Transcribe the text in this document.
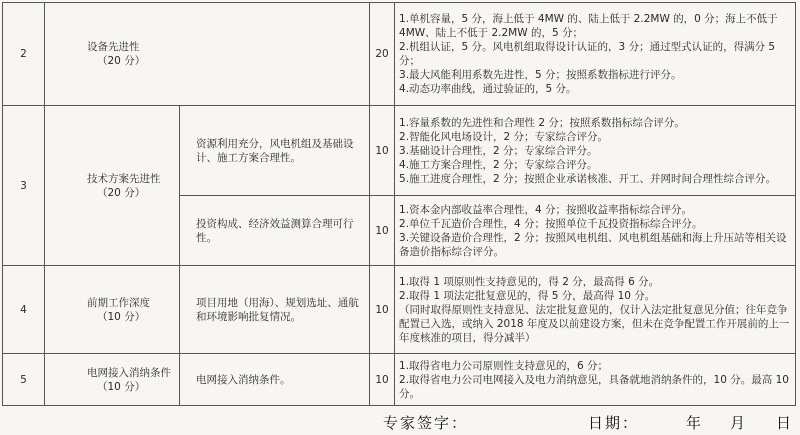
2	设备先进性
（20 分）		20	1.单机容量，5 分，海上低于 4MW 的、陆上低于 2.2MW 的，0 分；海上不低于 4MW、陆上不低于 2.2MW 的，5 分；
2.机组认证，5 分。风电机组取得设计认证的，3 分；通过型式认证的，得满分 5 分；
3.最大风能利用系数先进性，5 分；按照系数指标进行评分。
4.动态功率曲线，通过验证的，5 分。

3	技术方案先进性
（20 分）	资源利用充分，风电机组及基础设计、施工方案合理性。	10	1.容量系数的先进性和合理性 2 分；按照系数指标综合评分。
2.智能化风电场设计，2 分；专家综合评分。
3.基础设计合理性，2 分；专家综合评分。
4.施工方案合理性，2 分；专家综合评分。
5.施工进度合理性，2 分；按照企业承诺核准、开工、并网时间合理性综合评分。

		投资构成、经济效益测算合理可行性。	10	1.资本金内部收益率合理性，4 分；按照收益率指标综合评分。
2.单位千瓦造价合理性，4 分；按照单位千瓦投资指标综合评分。
3.关键设备造价合理性，2 分；按照风电机组、风电机组基础和海上升压站等相关设备造价指标综合评分。

4	前期工作深度
（10 分）	项目用地（用海）、规划选址、通航和环境影响批复情况。	10	1.取得 1 项原则性支持意见的，得 2 分，最高得 6 分。
2.取得 1 项法定批复意见的，得 5 分，最高得 10 分。
（同时取得原则性支持意见、法定批复意见的，仅计入法定批复意见分值；往年竞争配置已入选，或纳入 2018 年度及以前建设方案，但未在竞争配置工作开展前的上一年度核准的项目，得分减半）

5	电网接入消纳条件
（10 分）	电网接入消纳条件。	10	1.取得省电力公司原则性支持意见的，6 分；
2.取得省电力公司电网接入及电力消纳意见，具备就地消纳条件的，10 分。最高 10 分。
专家签字：	日期：	年 月 日
